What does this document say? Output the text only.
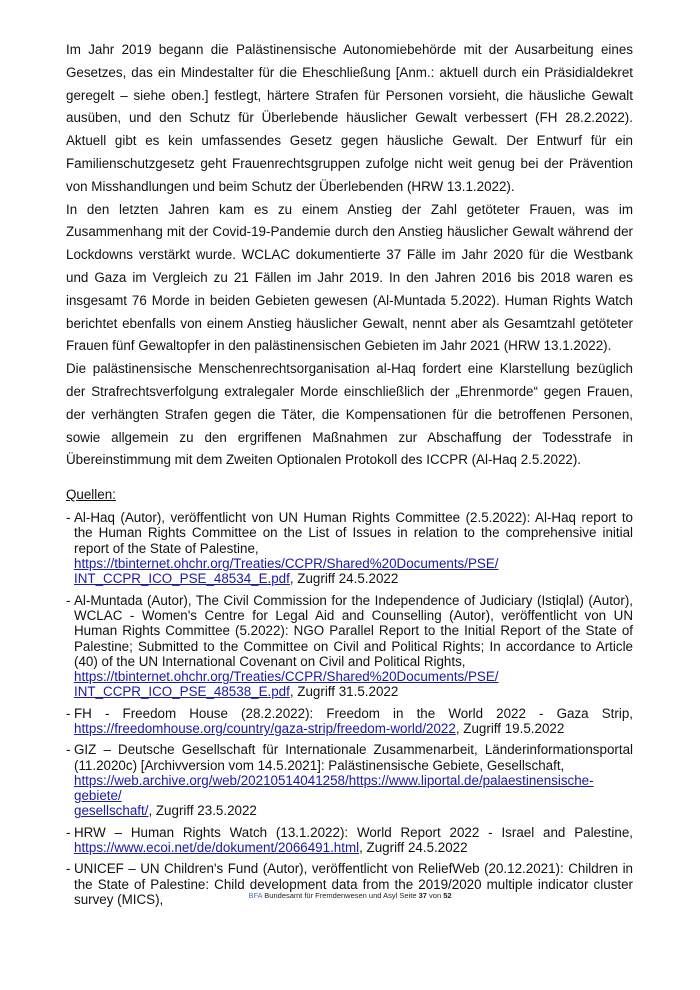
Im Jahr 2019 begann die Palästinensische Autonomiebehörde mit der Ausarbeitung eines Gesetzes, das ein Mindestalter für die Eheschließung [Anm.: aktuell durch ein Präsidialdekret geregelt – siehe oben.] festlegt, härtere Strafen für Personen vorsieht, die häusliche Gewalt ausüben, und den Schutz für Überlebende häuslicher Gewalt verbessert (FH 28.2.2022). Aktuell gibt es kein umfassendes Gesetz gegen häusliche Gewalt. Der Entwurf für ein Familienschutzgesetz geht Frauenrechtsgruppen zufolge nicht weit genug bei der Prävention von Misshandlungen und beim Schutz der Überlebenden (HRW 13.1.2022).

In den letzten Jahren kam es zu einem Anstieg der Zahl getöteter Frauen, was im Zusammenhang mit der Covid-19-Pandemie durch den Anstieg häuslicher Gewalt während der Lockdowns verstärkt wurde. WCLAC dokumentierte 37 Fälle im Jahr 2020 für die Westbank und Gaza im Vergleich zu 21 Fällen im Jahr 2019. In den Jahren 2016 bis 2018 waren es insgesamt 76 Morde in beiden Gebieten gewesen (Al-Muntada 5.2022). Human Rights Watch berichtet ebenfalls von einem Anstieg häuslicher Gewalt, nennt aber als Gesamtzahl getöteter Frauen fünf Gewaltopfer in den palästinensischen Gebieten im Jahr 2021 (HRW 13.1.2022).

Die palästinensische Menschenrechtsorganisation al-Haq fordert eine Klarstellung bezüglich der Strafrechtsverfolgung extralegaler Morde einschließlich der „Ehrenmorde“ gegen Frauen, der verhängten Strafen gegen die Täter, die Kompensationen für die betroffenen Personen, sowie allgemein zu den ergriffenen Maßnahmen zur Abschaffung der Todesstrafe in Übereinstimmung mit dem Zweiten Optionalen Protokoll des ICCPR (Al-Haq 2.5.2022).

Quellen:

- Al-Haq (Autor), veröffentlicht von UN Human Rights Committee (2.5.2022): Al-Haq report to the Human Rights Committee on the List of Issues in relation to the comprehensive initial report of the State of Palestine,
https://tbinternet.ohchr.org/Treaties/CCPR/Shared%20Documents/PSE/
INT_CCPR_ICO_PSE_48534_E.pdf, Zugriff 24.5.2022
- Al-Muntada (Autor), The Civil Commission for the Independence of Judiciary (Istiqlal) (Autor), WCLAC - Women's Centre for Legal Aid and Counselling (Autor), veröffentlicht von UN Human Rights Committee (5.2022): NGO Parallel Report to the Initial Report of the State of Palestine; Submitted to the Committee on Civil and Political Rights; In accordance to Article (40) of the UN International Covenant on Civil and Political Rights,
https://tbinternet.ohchr.org/Treaties/CCPR/Shared%20Documents/PSE/
INT_CCPR_ICO_PSE_48538_E.pdf, Zugriff 31.5.2022
- FH - Freedom House (28.2.2022): Freedom in the World 2022 - Gaza Strip, https://freedomhouse.org/country/gaza-strip/freedom-world/2022, Zugriff 19.5.2022
- GIZ – Deutsche Gesellschaft für Internationale Zusammenarbeit, Länderinformationsportal (11.2020c) [Archivversion vom 14.5.2021]: Palästinensische Gebiete, Gesellschaft,
https://web.archive.org/web/20210514041258/https://www.liportal.de/palaestinensische-gebiete/
gesellschaft/, Zugriff 23.5.2022
- HRW – Human Rights Watch (13.1.2022): World Report 2022 - Israel and Palestine, https://www.ecoi.net/de/dokument/2066491.html, Zugriff 24.5.2022
- UNICEF – UN Children's Fund (Autor), veröffentlicht von ReliefWeb (20.12.2021): Children in the State of Palestine: Child development data from the 2019/2020 multiple indicator cluster survey (MICS),	BFA Bundesamt für Fremdenwesen und Asyl Seite 37 von 52
